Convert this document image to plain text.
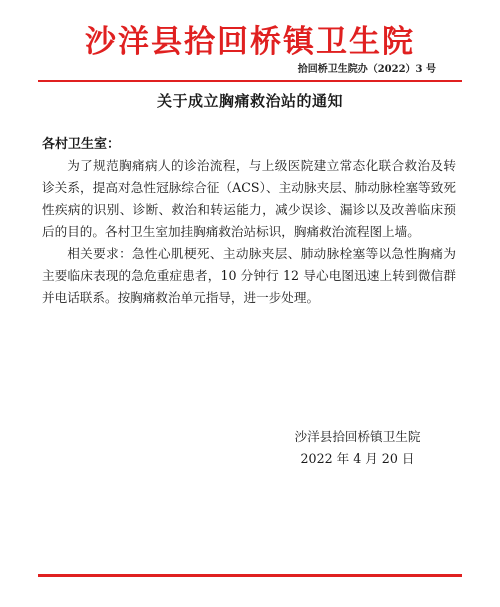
沙洋县拾回桥镇卫生院
拾回桥卫生院办（2022）3 号
关于成立胸痛救治站的通知
各村卫生室：

为了规范胸痛病人的诊治流程，与上级医院建立常态化联合救治及转诊关系，提高对急性冠脉综合征（ACS）、主动脉夹层、肺动脉栓塞等致死性疾病的识别、诊断、救治和转运能力，减少误诊、漏诊以及改善临床预后的目的。各村卫生室加挂胸痛救治站标识，胸痛救治流程图上墙。

相关要求：急性心肌梗死、主动脉夹层、肺动脉栓塞等以急性胸痛为主要临床表现的急危重症患者，10 分钟行 12 导心电图迅速上转到微信群并电话联系。按胸痛救治单元指导，进一步处理。

沙洋县拾回桥镇卫生院
2022 年 4 月 20 日
